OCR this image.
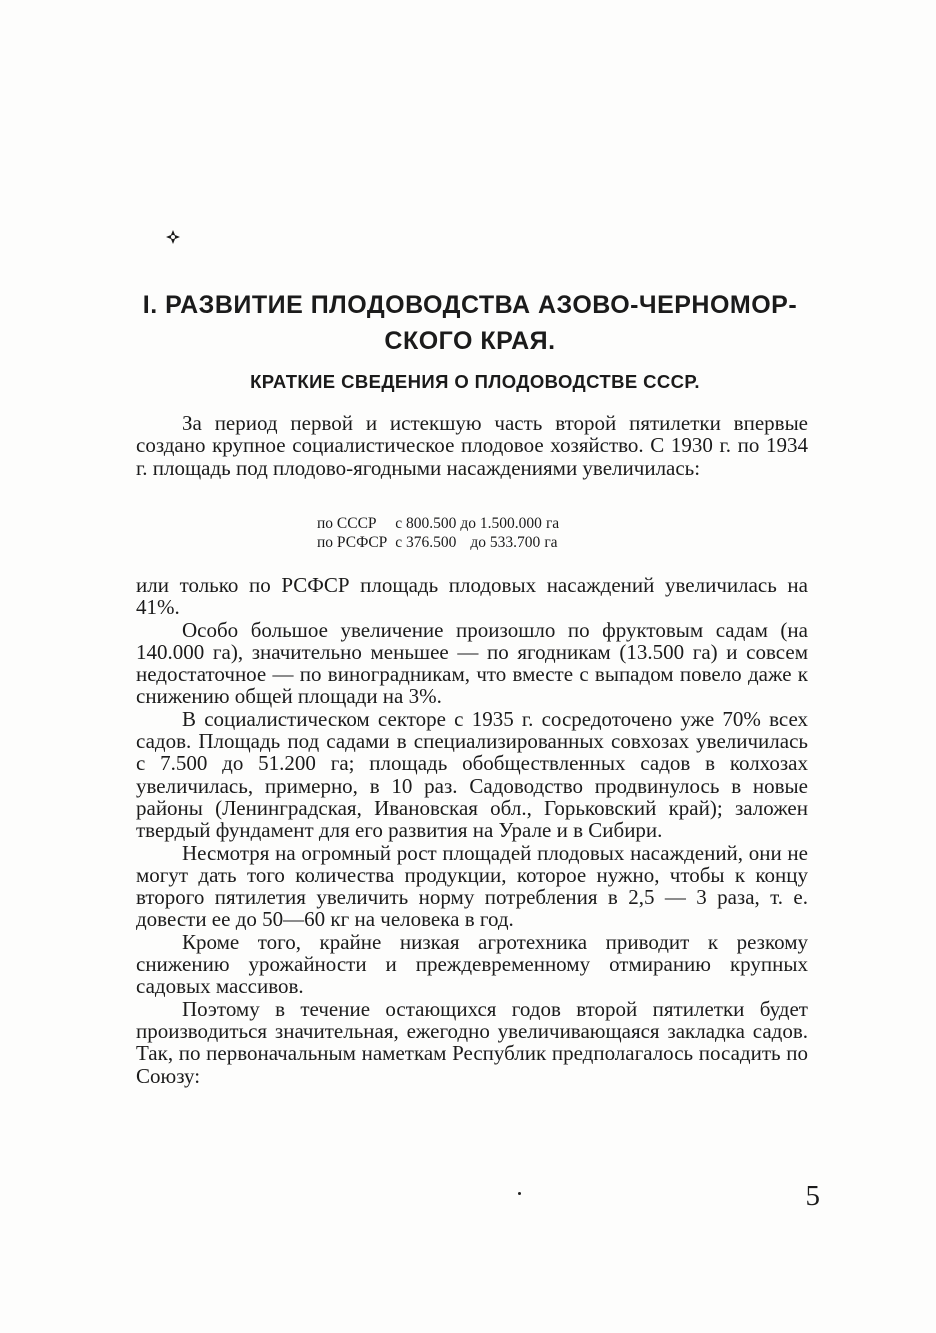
I. РАЗВИТИЕ ПЛОДОВОДСТВА АЗОВО-ЧЕРНОМОР-
СКОГО КРАЯ.
КРАТКИЕ СВЕДЕНИЯ О ПЛОДОВОДСТВЕ СССР.

За период первой и истекшую часть второй пятилетки впервые создано крупное социалистическое плодовое хозяйство. С 1930 г. по 1934 г. площадь под плодово-ягодными насаждениями увеличилась:

по СССР	с 800.500	до 1.500.000 га
по РСФСР	с 376.500	до 533.700 га

или только по РСФСР площадь плодовых насаждений увеличилась на 41%.

Особо большое увеличение произошло по фруктовым садам (на 140.000 га), значительно меньшее — по ягодникам (13.500 га) и совсем недостаточное — по виноградникам, что вместе с выпадом повело даже к снижению общей площади на 3%.

В социалистическом секторе с 1935 г. сосредоточено уже 70% всех садов. Площадь под садами в специализированных совхозах увеличилась с 7.500 до 51.200 га; площадь обобществленных садов в колхозах увеличилась, примерно, в 10 раз. Садоводство продвинулось в новые районы (Ленинградская, Ивановская обл., Горьковский край); заложен твердый фундамент для его развития на Урале и в Сибири.

Несмотря на огромный рост площадей плодовых насаждений, они не могут дать того количества продукции, которое нужно, чтобы к концу второго пятилетия увеличить норму потребления в 2,5 — 3 раза, т. е. довести ее до 50—60 кг на человека в год.

Кроме того, крайне низкая агротехника приводит к резкому снижению урожайности и преждевременному отмиранию крупных садовых массивов.

Поэтому в течение остающихся годов второй пятилетки будет производиться значительная, ежегодно увеличивающаяся закладка садов. Так, по первоначальным наметкам Республик предполагалось посадить по Союзу:

5
